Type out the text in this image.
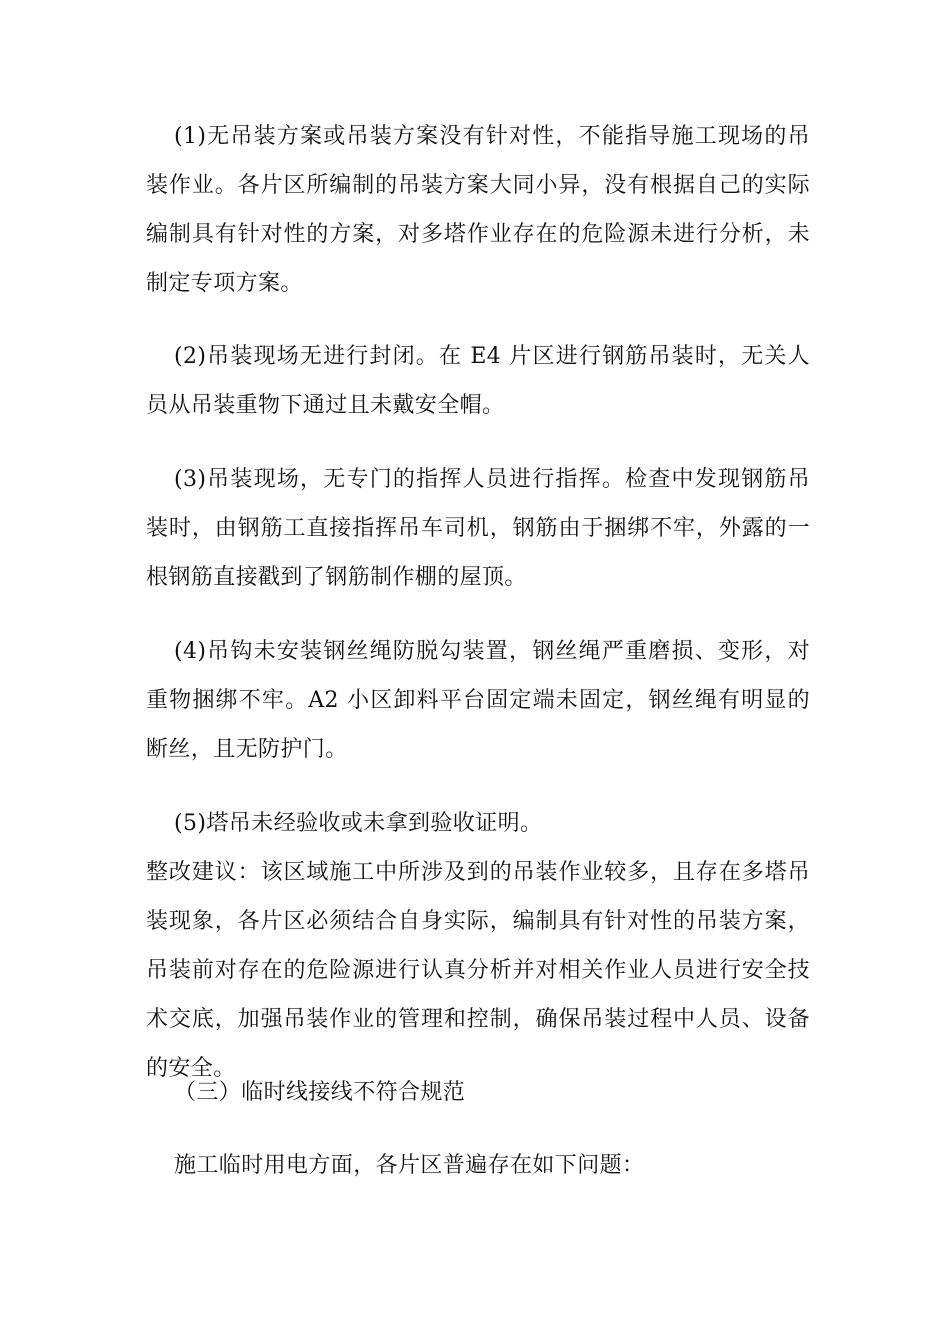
(1)无吊装方案或吊装方案没有针对性，不能指导施工现场的吊装作业。各片区所编制的吊装方案大同小异，没有根据自己的实际编制具有针对性的方案，对多塔作业存在的危险源未进行分析，未制定专项方案。

(2)吊装现场无进行封闭。在 E4 片区进行钢筋吊装时，无关人员从吊装重物下通过且未戴安全帽。

(3)吊装现场，无专门的指挥人员进行指挥。检查中发现钢筋吊装时，由钢筋工直接指挥吊车司机，钢筋由于捆绑不牢，外露的一根钢筋直接戳到了钢筋制作棚的屋顶。

(4)吊钩未安装钢丝绳防脱勾装置，钢丝绳严重磨损、变形，对重物捆绑不牢。A2 小区卸料平台固定端未固定，钢丝绳有明显的断丝，且无防护门。

(5)塔吊未经验收或未拿到验收证明。

整改建议：该区域施工中所涉及到的吊装作业较多，且存在多塔吊装现象，各片区必须结合自身实际，编制具有针对性的吊装方案，吊装前对存在的危险源进行认真分析并对相关作业人员进行安全技术交底，加强吊装作业的管理和控制，确保吊装过程中人员、设备的安全。

（三）临时线接线不符合规范

施工临时用电方面，各片区普遍存在如下问题：
